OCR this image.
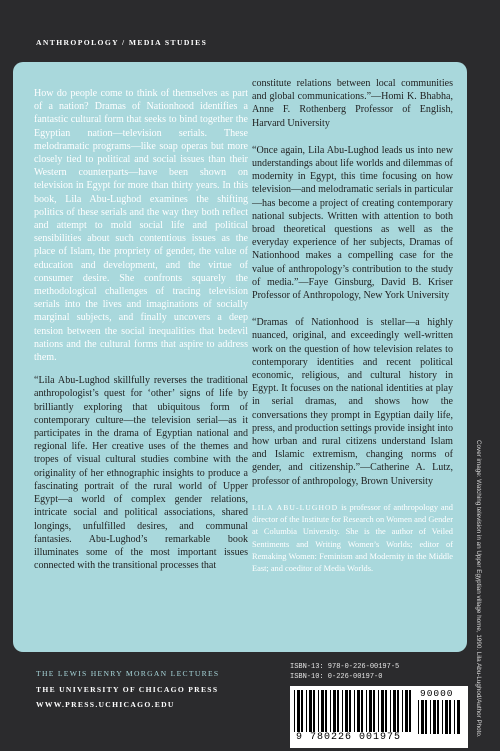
ANTHROPOLOGY / MEDIA STUDIES

How do people come to think of themselves as part of a nation? Dramas of Nationhood identifies a fantastic cultural form that seeks to bind together the Egyptian nation—television serials. These melodramatic programs—like soap operas but more closely tied to political and social issues than their Western counterparts—have been shown on television in Egypt for more than thirty years. In this book, Lila Abu-Lughod examines the shifting politics of these serials and the way they both reflect and attempt to mold social life and political sensibilities about such contentious issues as the place of Islam, the propriety of gender, the value of education and development, and the virtue of consumer desire. She confronts squarely the methodological challenges of tracing television serials into the lives and imaginations of socially marginal subjects, and finally uncovers a deep tension between the social inequalities that bedevil nations and the cultural forms that aspire to address them.

“Lila Abu-Lughod skillfully reverses the traditional anthropologist’s quest for ‘other’ signs of life by brilliantly exploring that ubiquitous form of contemporary culture—the television serial—as it participates in the drama of Egyptian national and regional life. Her creative uses of the themes and tropes of visual cultural studies combine with the originality of her ethnographic insights to produce a fascinating portrait of the rural world of Upper Egypt—a world of complex gender relations, intricate social and political associations, shared longings, unfulfilled desires, and communal fantasies. Abu-Lughod’s remarkable book illuminates some of the most important issues connected with the transitional processes that

constitute relations between local communities and global communications.”—Homi K. Bhabha, Anne F. Rothenberg Professor of English, Harvard University

“Once again, Lila Abu-Lughod leads us into new understandings about life worlds and dilemmas of modernity in Egypt, this time focusing on how television—and melodramatic serials in particular—has become a project of creating contemporary national subjects. Written with attention to both broad theoretical questions as well as the everyday experience of her subjects, Dramas of Nationhood makes a compelling case for the value of anthropology’s contribution to the study of media.”—Faye Ginsburg, David B. Kriser Professor of Anthropology, New York University

“Dramas of Nationhood is stellar—a highly nuanced, original, and exceedingly well-written work on the question of how television relates to contemporary identities and recent political economic, religious, and cultural history in Egypt. It focuses on the national identities at play in serial dramas, and shows how the conversations they prompt in Egyptian daily life, press, and production settings provide insight into how urban and rural citizens understand Islam and Islamic extremism, changing norms of gender, and citizenship.”—Catherine A. Lutz, professor of anthropology, Brown University

LILA ABU-LUGHOD is professor of anthropology and director of the Institute for Research on Women and Gender at Columbia University. She is the author of Veiled Sentiments and Writing Women’s Worlds; editor of Remaking Women: Feminism and Modernity in the Middle East; and coeditor of Media Worlds.	Cover image: Watching television in an Upper Egyptian village home, 1990. Lila Abu-Lughod/Author Photo.
THE LEWIS HENRY MORGAN LECTURES
THE UNIVERSITY OF CHICAGO PRESS
WWW.PRESS.UCHICAGO.EDU
ISBN-13: 978-0-226-00197-5
ISBN-10: 0-226-00197-0
9 780226 001975
90000
